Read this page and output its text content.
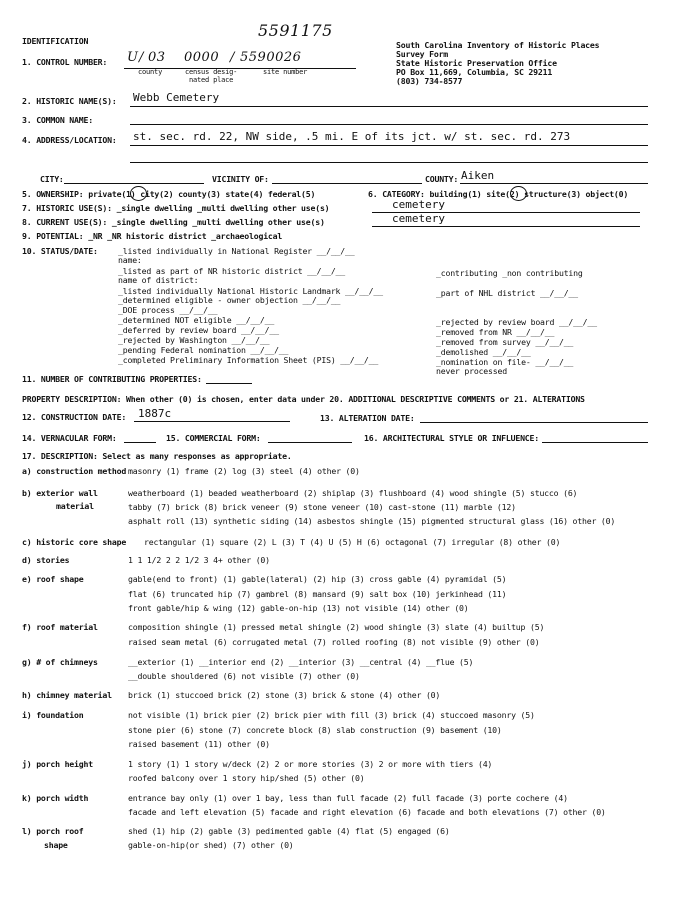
5591175
IDENTIFICATION
1. CONTROL NUMBER: U / 03 0000 / 5590026
county	census desig-	site number
nated place
South Carolina Inventory of Historic Places
Survey Form
State Historic Preservation Office
PO Box 11,669, Columbia, SC 29211
(803) 734-8577
2. HISTORIC NAME(S): Webb Cemetery
3. COMMON NAME:
4. ADDRESS/LOCATION: st. sec. rd. 22, NW side, .5 mi. E of its jct. w/ st. sec. rd. 273
CITY:	VICINITY OF:	COUNTY: Aiken
5. OWNERSHIP: private(1) city(2) county(3) state(4) federal(5)	6. CATEGORY: building(1) site(2) structure(3) object(0)
7. HISTORIC USE(S): _single dwelling _multi dwelling other use(s)	cemetery
8. CURRENT USE(S): _single dwelling _multi dwelling other use(s)	cemetery
9. POTENTIAL: _NR _NR historic district _archaeological
10. STATUS/DATE: _listed individually in National Register __/__/__
name:
_listed as part of NR historic district __/__/__
name of district:
_listed individually National Historic Landmark __/__/__
_determined eligible - owner objection __/__/__
_DOE process __/__/__
_determined NOT eligible __/__/__
_deferred by review board __/__/__
_rejected by Washington __/__/__
_pending Federal nomination __/__/__
_completed Preliminary Information Sheet (PIS) __/__/__
_contributing _non contributing
_part of NHL district __/__/__
_rejected by review board __/__/__
_removed from NR __/__/__
_removed from survey __/__/__
_demolished __/__/__
_nomination on file- __/__/__
never processed
11. NUMBER OF CONTRIBUTING PROPERTIES:
PROPERTY DESCRIPTION: When other (0) is chosen, enter data under 20. ADDITIONAL DESCRIPTIVE COMMENTS or 21. ALTERATIONS
12. CONSTRUCTION DATE: 1887c	13. ALTERATION DATE:
14. VERNACULAR FORM:	15. COMMERCIAL FORM:	16. ARCHITECTURAL STYLE OR INFLUENCE:
17. DESCRIPTION: Select as many responses as appropriate.
a) construction method masonry (1) frame (2) log (3) steel (4) other (0)
b) exterior wall
material
weatherboard (1) beaded weatherboard (2) shiplap (3) flushboard (4) wood shingle (5) stucco (6)
tabby (7) brick (8) brick veneer (9) stone veneer (10) cast-stone (11) marble (12)
asphalt roll (13) synthetic siding (14) asbestos shingle (15) pigmented structural glass (16) other (0)
c) historic core shape rectangular (1) square (2) L (3) T (4) U (5) H (6) octagonal (7) irregular (8) other (0)
d) stories	1 1 1/2 2 2 1/2 3 4+ other (0)
e) roof shape	gable(end to front) (1) gable(lateral) (2) hip (3) cross gable (4) pyramidal (5)
flat (6) truncated hip (7) gambrel (8) mansard (9) salt box (10) jerkinhead (11)
front gable/hip & wing (12) gable-on-hip (13) not visible (14) other (0)
f) roof material	composition shingle (1) pressed metal shingle (2) wood shingle (3) slate (4) builtup (5)
raised seam metal (6) corrugated metal (7) rolled roofing (8) not visible (9) other (0)
g) # of chimneys	__exterior (1) __interior end (2) __interior (3) __central (4) __flue (5)
__double shouldered (6) not visible (7) other (0)
h) chimney material brick (1) stuccoed brick (2) stone (3) brick & stone (4) other (0)
i) foundation	not visible (1) brick pier (2) brick pier with fill (3) brick (4) stuccoed masonry (5)
stone pier (6) stone (7) concrete block (8) slab construction (9) basement (10)
raised basement (11) other (0)
j) porch height	1 story (1) 1 story w/deck (2) 2 or more stories (3) 2 or more with tiers (4)
roofed balcony over 1 story hip/shed (5) other (0)
k) porch width	entrance bay only (1) over 1 bay, less than full facade (2) full facade (3) porte cochere (4)
facade and left elevation (5) facade and right elevation (6) facade and both elevations (7) other (0)
l) porch roof
shape
shed (1) hip (2) gable (3) pedimented gable (4) flat (5) engaged (6)
gable-on-hip(or shed) (7) other (0)
